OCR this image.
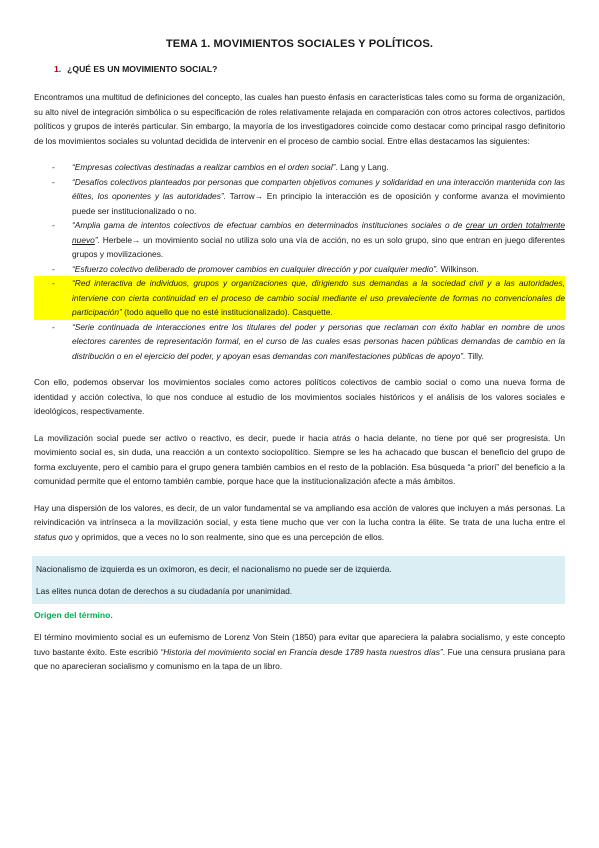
TEMA 1. MOVIMIENTOS SOCIALES Y POLÍTICOS.
1. ¿QUÉ ES UN MOVIMIENTO SOCIAL?

Encontramos una multitud de definiciones del concepto, las cuales han puesto énfasis en características tales como su forma de organización, su alto nivel de integración simbólica o su especificación de roles relativamente relajada en comparación con otros actores colectivos, partidos políticos y grupos de interés particular. Sin embargo, la mayoría de los investigadores coincide como destacar como principal rasgo definitorio de los movimientos sociales su voluntad decidida de intervenir en el proceso de cambio social. Entre ellas destacamos las siguientes:

- “Empresas colectivas destinadas a realizar cambios en el orden social”. Lang y Lang.
- “Desafíos colectivos planteados por personas que comparten objetivos comunes y solidaridad en una interacción mantenida con las élites, los oponentes y las autoridades”. Tarrow→ En principio la interacción es de oposición y conforme avanza el movimiento puede ser institucionalizado o no.
- “Amplia gama de intentos colectivos de efectuar cambios en determinados instituciones sociales o de crear un orden totalmente nuevo”. Herbele→ un movimiento social no utiliza solo una vía de acción, no es un solo grupo, sino que entran en juego diferentes grupos y movilizaciones.
- “Esfuerzo colectivo deliberado de promover cambios en cualquier dirección y por cualquier medio”. Wilkinson.
- “Red interactiva de individuos, grupos y organizaciones que, dirigiendo sus demandas a la sociedad civil y a las autoridades, interviene con cierta continuidad en el proceso de cambio social mediante el uso prevaleciente de formas no convencionales de participación” (todo aquello que no esté institucionalizado). Casquette.
- “Serie continuada de interacciones entre los titulares del poder y personas que reclaman con éxito hablar en nombre de unos electores carentes de representación formal, en el curso de las cuales esas personas hacen públicas demandas de cambio en la distribución o en el ejercicio del poder, y apoyan esas demandas con manifestaciones públicas de apoyo”. Tilly.

Con ello, podemos observar los movimientos sociales como actores políticos colectivos de cambio social o como una nueva forma de identidad y acción colectiva, lo que nos conduce al estudio de los movimientos sociales históricos y el análisis de los valores sociales e ideológicos, respectivamente.

La movilización social puede ser activo o reactivo, es decir, puede ir hacia atrás o hacia delante, no tiene por qué ser progresista. Un movimiento social es, sin duda, una reacción a un contexto sociopolítico. Siempre se les ha achacado que buscan el beneficio del grupo de forma excluyente, pero el cambio para el grupo genera también cambios en el resto de la población. Esa búsqueda “a priori” del beneficio a la comunidad permite que el entorno también cambie, porque hace que la institucionalización afecte a más ámbitos.

Hay una dispersión de los valores, es decir, de un valor fundamental se va ampliando esa acción de valores que incluyen a más personas. La reivindicación va intrínseca a la movilización social, y esta tiene mucho que ver con la lucha contra la élite. Se trata de una lucha entre el status quo y oprimidos, que a veces no lo son realmente, sino que es una percepción de ellos.

Nacionalismo de izquierda es un oxímoron, es decir, el nacionalismo no puede ser de izquierda.

Las elites nunca dotan de derechos a su ciudadanía por unanimidad.

Origen del término.

El término movimiento social es un eufemismo de Lorenz Von Stein (1850) para evitar que apareciera la palabra socialismo, y este concepto tuvo bastante éxito. Este escribió “Historia del movimiento social en Francia desde 1789 hasta nuestros días”. Fue una censura prusiana para que no aparecieran socialismo y comunismo en la tapa de un libro.
